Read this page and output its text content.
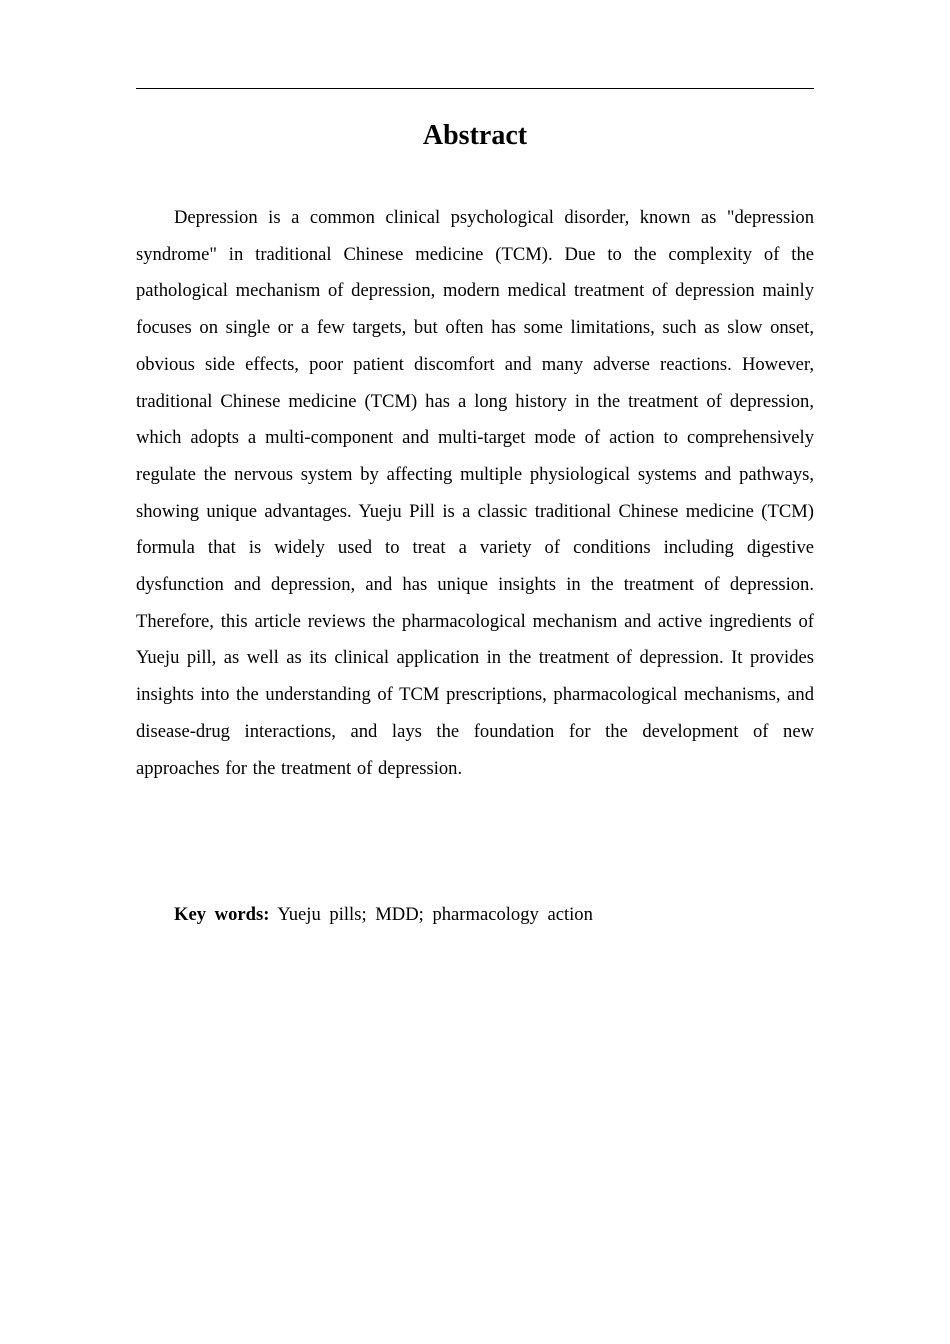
Abstract

Depression is a common clinical psychological disorder, known as "depression syndrome" in traditional Chinese medicine (TCM). Due to the complexity of the pathological mechanism of depression, modern medical treatment of depression mainly focuses on single or a few targets, but often has some limitations, such as slow onset, obvious side effects, poor patient discomfort and many adverse reactions. However, traditional Chinese medicine (TCM) has a long history in the treatment of depression, which adopts a multi-component and multi-target mode of action to comprehensively regulate the nervous system by affecting multiple physiological systems and pathways, showing unique advantages. Yueju Pill is a classic traditional Chinese medicine (TCM) formula that is widely used to treat a variety of conditions including digestive dysfunction and depression, and has unique insights in the treatment of depression. Therefore, this article reviews the pharmacological mechanism and active ingredients of Yueju pill, as well as its clinical application in the treatment of depression. It provides insights into the understanding of TCM prescriptions, pharmacological mechanisms, and disease-drug interactions, and lays the foundation for the development of new approaches for the treatment of depression.

Key words: Yueju pills; MDD; pharmacology action
